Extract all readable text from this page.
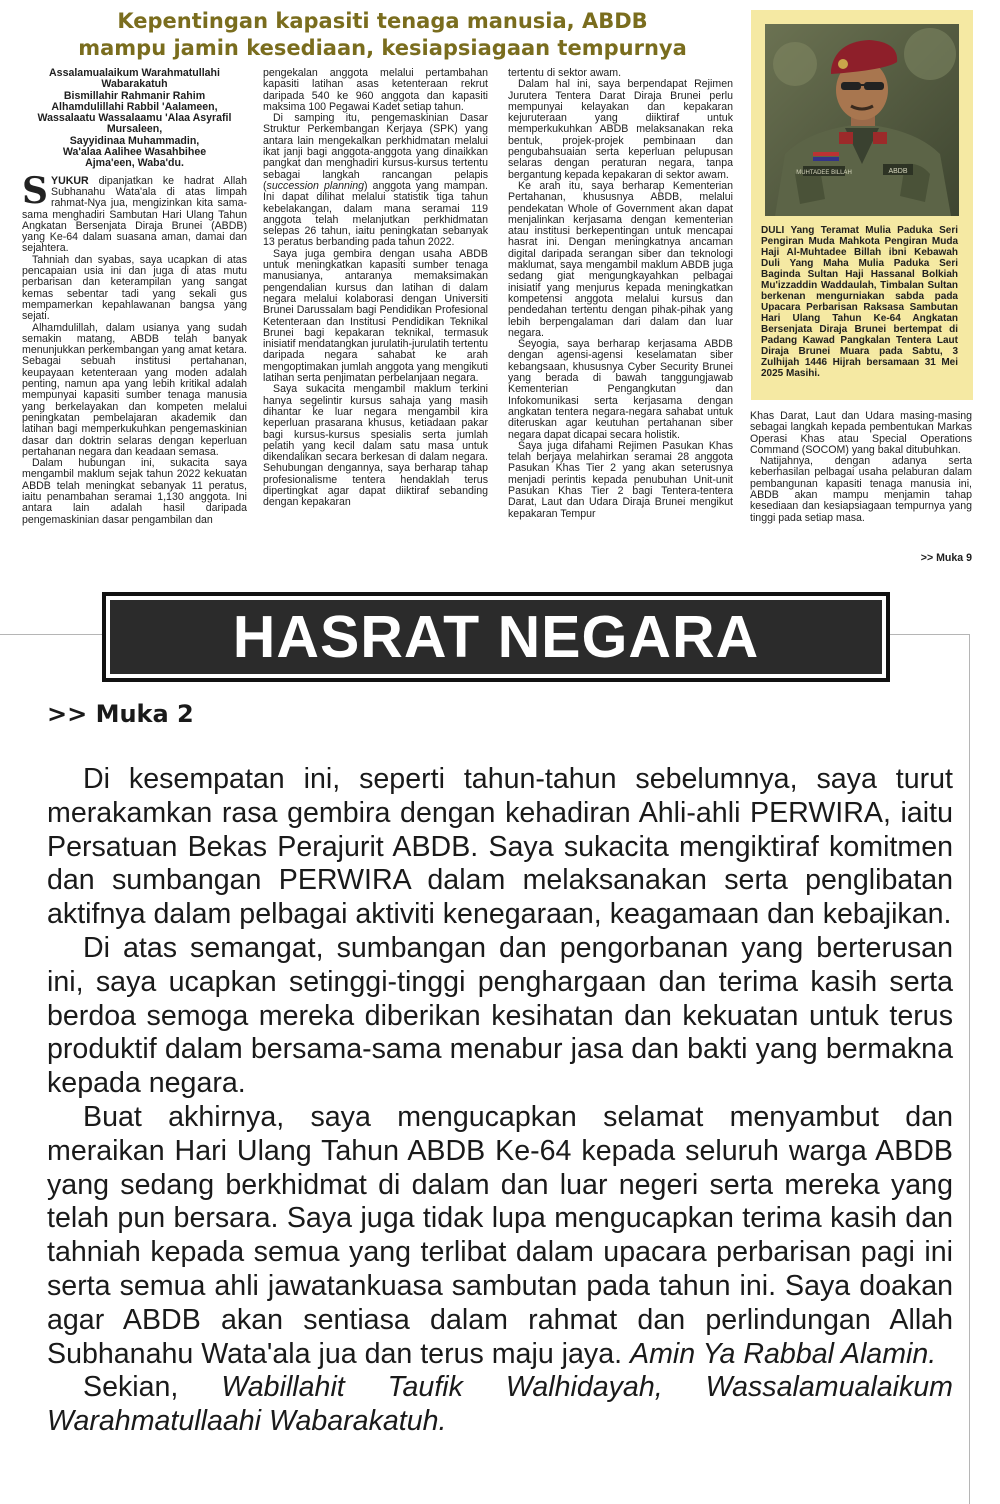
Kepentingan kapasiti tenaga manusia, ABDB
mampu jamin kesediaan, kesiapsiagaan tempurnya
Assalamualaikum Warahmatullahi
Wabarakatuh
Bismillahir Rahmanir Rahim
Alhamdulillahi Rabbil 'Aalameen,
Wassalaatu Wassalaamu 'Alaa Asyrafil
Mursaleen,
Sayyidinaa Muhammadin,
Wa'alaa Aalihee Wasahbihee
Ajma'een, Waba'du.

SYUKUR dipanjatkan ke hadrat Allah Subhanahu Wata'ala di atas limpah rahmat-Nya jua, mengizinkan kita sama-sama menghadiri Sambutan Hari Ulang Tahun Angkatan Bersenjata Diraja Brunei (ABDB) yang Ke-64 dalam suasana aman, damai dan sejahtera.

Tahniah dan syabas, saya ucapkan di atas pencapaian usia ini dan juga di atas mutu perbarisan dan keterampilan yang sangat kemas sebentar tadi yang sekali gus mempamerkan kepahlawanan bangsa yang sejati.

Alhamdulillah, dalam usianya yang sudah semakin matang, ABDB telah banyak menunjukkan perkembangan yang amat ketara. Sebagai sebuah institusi pertahanan, keupayaan ketenteraan yang moden adalah penting, namun apa yang lebih kritikal adalah mempunyai kapasiti sumber tenaga manusia yang berkelayakan dan kompeten melalui peningkatan pembelajaran akademik dan latihan bagi memperkukuhkan pengemaskinian dasar dan doktrin selaras dengan keperluan pertahanan negara dan keadaan semasa.

Dalam hubungan ini, sukacita saya mengambil maklum sejak tahun 2022 kekuatan ABDB telah meningkat sebanyak 11 peratus, iaitu penambahan seramai 1,130 anggota. Ini antara lain adalah hasil daripada pengemaskinian dasar pengambilan dan

pengekalan anggota melalui pertambahan kapasiti latihan asas ketenteraan rekrut daripada 540 ke 960 anggota dan kapasiti maksima 100 Pegawai Kadet setiap tahun.

Di samping itu, pengemaskinian Dasar Struktur Perkembangan Kerjaya (SPK) yang antara lain mengekalkan perkhidmatan melalui ikat janji bagi anggota-anggota yang dinaikkan pangkat dan menghadiri kursus-kursus tertentu sebagai langkah rancangan pelapis (succession planning) anggota yang mampan. Ini dapat dilihat melalui statistik tiga tahun kebelakangan, dalam mana seramai 119 anggota telah melanjutkan perkhidmatan selepas 26 tahun, iaitu peningkatan sebanyak 13 peratus berbanding pada tahun 2022.

Saya juga gembira dengan usaha ABDB untuk meningkatkan kapasiti sumber tenaga manusianya, antaranya memaksimakan pengendalian kursus dan latihan di dalam negara melalui kolaborasi dengan Universiti Brunei Darussalam bagi Pendidikan Profesional Ketenteraan dan Institusi Pendidikan Teknikal Brunei bagi kepakaran teknikal, termasuk inisiatif mendatangkan jurulatih-jurulatih tertentu daripada negara sahabat ke arah mengoptimakan jumlah anggota yang mengikuti latihan serta penjimatan perbelanjaan negara.

Saya sukacita mengambil maklum terkini hanya segelintir kursus sahaja yang masih dihantar ke luar negara mengambil kira keperluan prasarana khusus, ketiadaan pakar bagi kursus-kursus spesialis serta jumlah pelatih yang kecil dalam satu masa untuk dikendalikan secara berkesan di dalam negara. Sehubungan dengannya, saya berharap tahap profesionalisme tentera hendaklah terus dipertingkat agar dapat diiktiraf sebanding dengan kepakaran

tertentu di sektor awam.

Dalam hal ini, saya berpendapat Rejimen Jurutera Tentera Darat Diraja Brunei perlu mempunyai kelayakan dan kepakaran kejuruteraan yang diiktiraf untuk memperkukuhkan ABDB melaksanakan reka bentuk, projek-projek pembinaan dan pengubahsuaian serta keperluan pelupusan selaras dengan peraturan negara, tanpa bergantung kepada kepakaran di sektor awam.

Ke arah itu, saya berharap Kementerian Pertahanan, khususnya ABDB, melalui pendekatan Whole of Government akan dapat menjalinkan kerjasama dengan kementerian atau institusi berkepentingan untuk mencapai hasrat ini. Dengan meningkatnya ancaman digital daripada serangan siber dan teknologi maklumat, saya mengambil maklum ABDB juga sedang giat mengungkayahkan pelbagai inisiatif yang menjurus kepada meningkatkan kompetensi anggota melalui kursus dan pendedahan tertentu dengan pihak-pihak yang lebih berpengalaman dari dalam dan luar negara.

Seyogia, saya berharap kerjasama ABDB dengan agensi-agensi keselamatan siber kebangsaan, khususnya Cyber Security Brunei yang berada di bawah tanggungjawab Kementerian Pengangkutan dan Infokomunikasi serta kerjasama dengan angkatan tentera negara-negara sahabat untuk diteruskan agar keutuhan pertahanan siber negara dapat dicapai secara holistik.

Saya juga difahami Rejimen Pasukan Khas telah berjaya melahirkan seramai 28 anggota Pasukan Khas Tier 2 yang akan seterusnya menjadi perintis kepada penubuhan Unit-unit Pasukan Khas Tier 2 bagi Tentera-tentera Darat, Laut dan Udara Diraja Brunei mengikut kepakaran Tempur

MUHTADEE BILLAH	ABDB
DULI Yang Teramat Mulia Paduka Seri Pengiran Muda Mahkota Pengiran Muda Haji Al-Muhtadee Billah ibni Kebawah Duli Yang Maha Mulia Paduka Seri Baginda Sultan Haji Hassanal Bolkiah Mu'izzaddin Waddaulah, Timbalan Sultan berkenan mengurniakan sabda pada Upacara Perbarisan Raksasa Sambutan Hari Ulang Tahun Ke-64 Angkatan Bersenjata Diraja Brunei bertempat di Padang Kawad Pangkalan Tentera Laut Diraja Brunei Muara pada Sabtu, 3 Zulhijah 1446 Hijrah bersamaan 31 Mei 2025 Masihi.

Khas Darat, Laut dan Udara masing-masing sebagai langkah kepada pembentukan Markas Operasi Khas atau Special Operations Command (SOCOM) yang bakal ditubuhkan.

Natijahnya, dengan adanya serta keberhasilan pelbagai usaha pelaburan dalam pembangunan kapasiti tenaga manusia ini, ABDB akan mampu menjamin tahap kesediaan dan kesiapsiagaan tempurnya yang tinggi pada setiap masa.

>> Muka 9
HASRAT NEGARA
>> Muka 2

Di kesempatan ini, seperti tahun-tahun sebelumnya, saya turut merakamkan rasa gembira dengan kehadiran Ahli-ahli PERWIRA, iaitu Persatuan Bekas Perajurit ABDB. Saya sukacita mengiktiraf komitmen dan sumbangan PERWIRA dalam melaksanakan serta penglibatan aktifnya dalam pelbagai aktiviti kenegaraan, keagamaan dan kebajikan.

Di atas semangat, sumbangan dan pengorbanan yang berterusan ini, saya ucapkan setinggi-tinggi penghargaan dan terima kasih serta berdoa semoga mereka diberikan kesihatan dan kekuatan untuk terus produktif dalam bersama-sama menabur jasa dan bakti yang bermakna kepada negara.

Buat akhirnya, saya mengucapkan selamat menyambut dan meraikan Hari Ulang Tahun ABDB Ke-64 kepada seluruh warga ABDB yang sedang berkhidmat di dalam dan luar negeri serta mereka yang telah pun bersara. Saya juga tidak lupa mengucapkan terima kasih dan tahniah kepada semua yang terlibat dalam upacara perbarisan pagi ini serta semua ahli jawatankuasa sambutan pada tahun ini. Saya doakan agar ABDB akan sentiasa dalam rahmat dan perlindungan Allah Subhanahu Wata'ala jua dan terus maju jaya. Amin Ya Rabbal Alamin.

Sekian, Wabillahit Taufik Walhidayah, Wassalamualaikum Warahmatullaahi Wabarakatuh.
